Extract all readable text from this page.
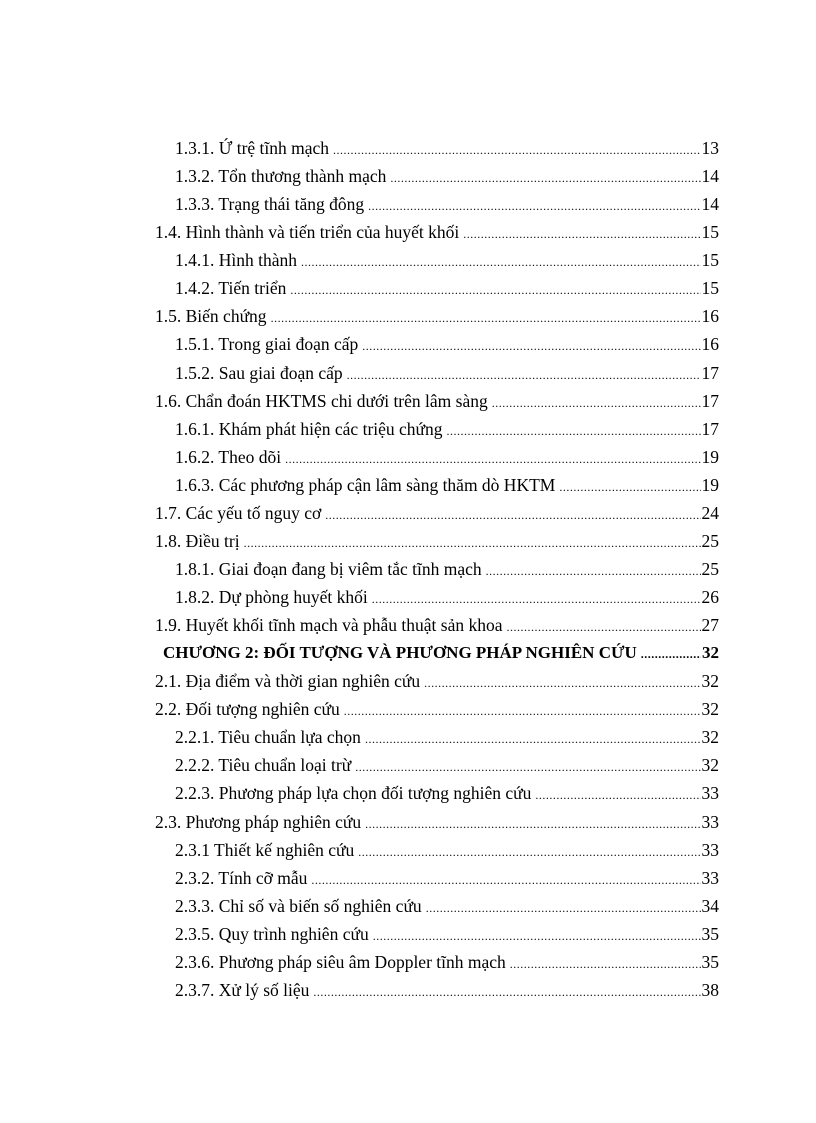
1.3.1. Ứ trệ tĩnh mạch .....	13
1.3.2. Tổn thương thành mạch .....	14
1.3.3. Trạng thái tăng đông .....	14
1.4. Hình thành và tiến triển của huyết khối .....	15
1.4.1. Hình thành .....	15
1.4.2. Tiến triển .....	15
1.5. Biến chứng .....	16
1.5.1. Trong giai đoạn cấp .....	16
1.5.2. Sau giai đoạn cấp .....	17
1.6. Chẩn đoán HKTMS chi dưới trên lâm sàng .....	17
1.6.1. Khám phát hiện các triệu chứng .....	17
1.6.2. Theo dõi .....	19
1.6.3. Các phương pháp cận lâm sàng thăm dò HKTM .....	19
1.7. Các yếu tố nguy cơ .....	24
1.8. Điều trị .....	25
1.8.1. Giai đoạn đang bị viêm tắc tĩnh mạch .....	25
1.8.2. Dự phòng huyết khối .....	26
1.9. Huyết khối tĩnh mạch và phẫu thuật sản khoa .....	27
CHƯƠNG 2: ĐỐI TƯỢNG VÀ PHƯƠNG PHÁP NGHIÊN CỨU .....	32
2.1. Địa điểm và thời gian nghiên cứu .....	32
2.2. Đối tượng nghiên cứu .....	32
2.2.1. Tiêu chuẩn lựa chọn .....	32
2.2.2. Tiêu chuẩn loại trừ .....	32
2.2.3. Phương pháp lựa chọn đối tượng nghiên cứu .....	33
2.3. Phương pháp nghiên cứu .....	33
2.3.1 Thiết kế nghiên cứu .....	33
2.3.2. Tính cỡ mẫu .....	33
2.3.3. Chỉ số và biến số nghiên cứu .....	34
2.3.5. Quy trình nghiên cứu .....	35
2.3.6. Phương pháp siêu âm Doppler tĩnh mạch .....	35
2.3.7. Xử lý số liệu .....	38
